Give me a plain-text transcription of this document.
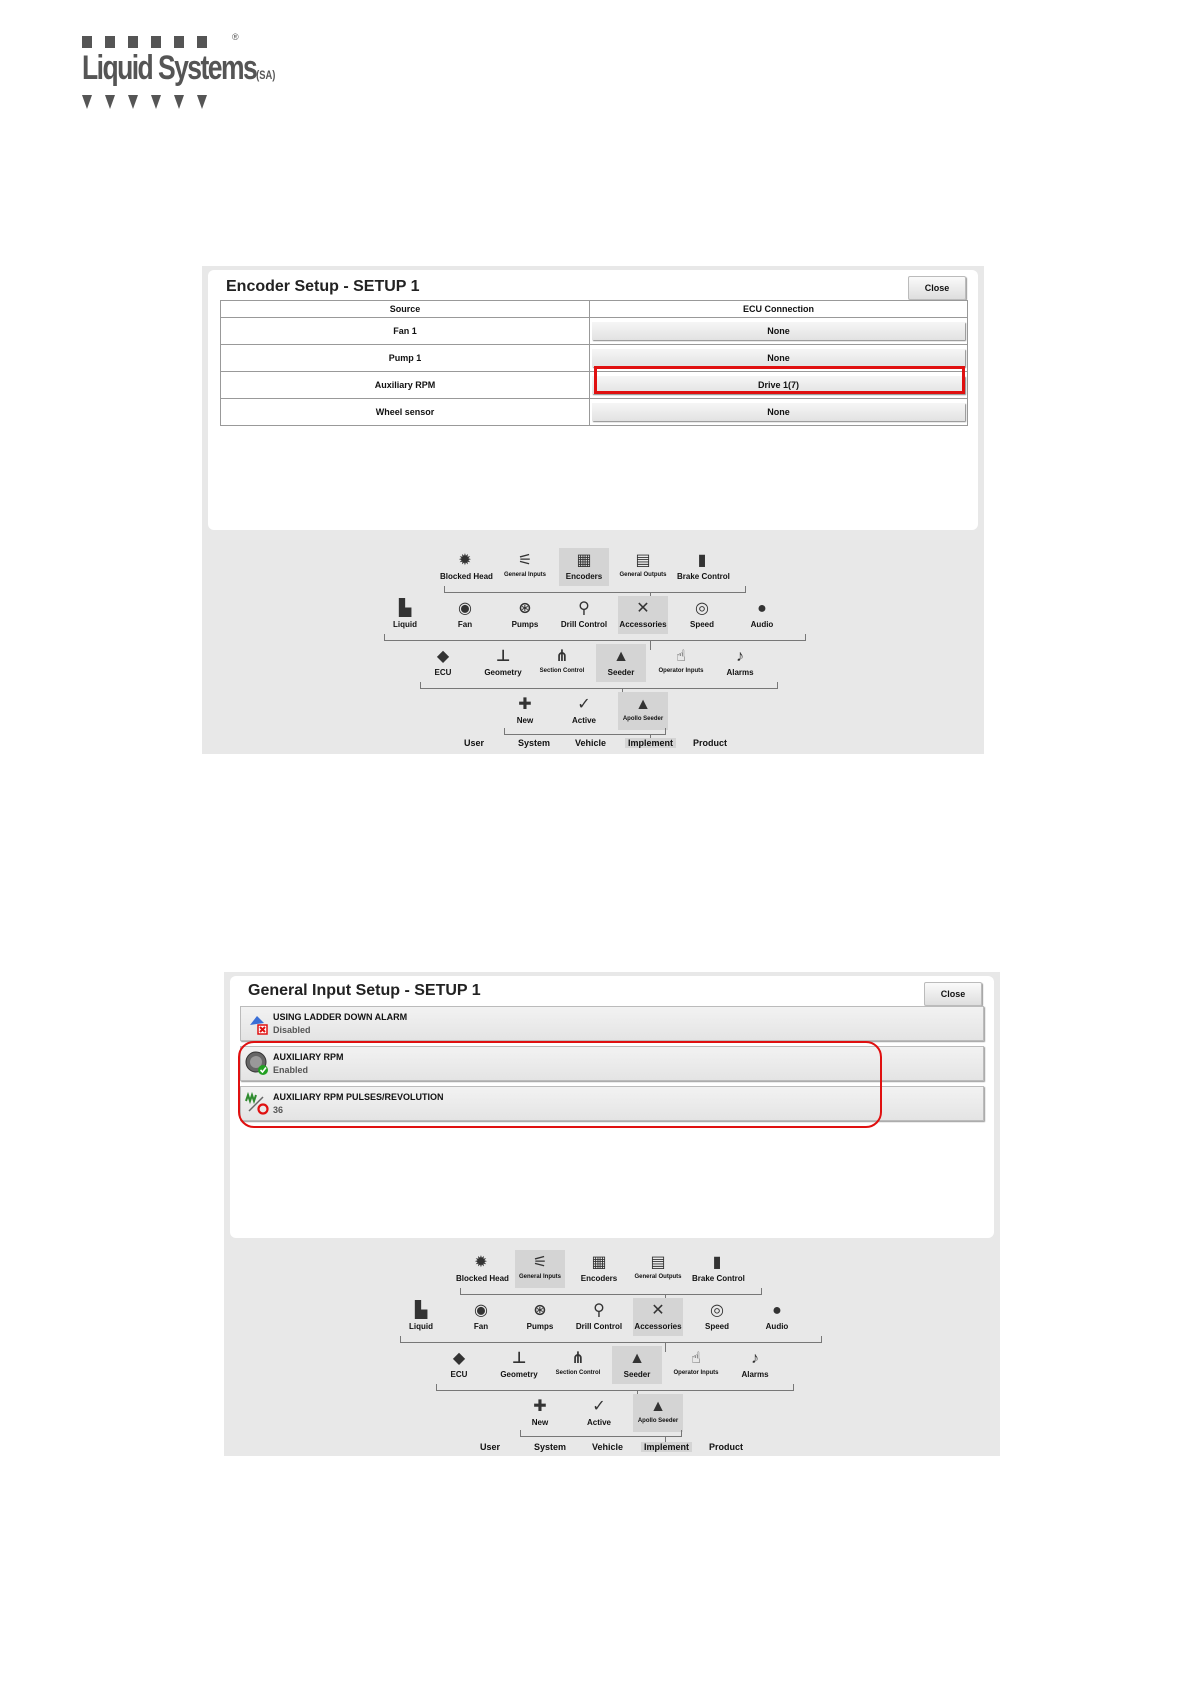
®
Liquid Systems(SA)
Encoder Setup - SETUP 1	Close
Source	ECU Connection
Fan 1	None

Pump 1	None

Auxiliary RPM	Drive 1(7)

Wheel sensor	None
✹
Blocked Head
⚟
General Inputs
▦
Encoders
▤
General Outputs
▮
Brake Control
▙
Liquid
◉
Fan
⊛
Pumps
⚲
Drill Control
✕
Accessories
◎
Speed
●
Audio
◆
ECU
⊥
Geometry
⋔
Section Control
▲
Seeder
☝
Operator Inputs
♪
Alarms
✚
New
✓
Active
▲
Apollo Seeder
User	System	Vehicle	Implement	Product
General Input Setup - SETUP 1	Close
USING LADDER DOWN ALARM
Disabled
AUXILIARY RPM
Enabled
AUXILIARY RPM PULSES/REVOLUTION
36
✹
Blocked Head
⚟
General Inputs
▦
Encoders
▤
General Outputs
▮
Brake Control
▙
Liquid
◉
Fan
⊛
Pumps
⚲
Drill Control
✕
Accessories
◎
Speed
●
Audio
◆
ECU
⊥
Geometry
⋔
Section Control
▲
Seeder
☝
Operator Inputs
♪
Alarms
✚
New
✓
Active
▲
Apollo Seeder
User	System	Vehicle	Implement	Product
